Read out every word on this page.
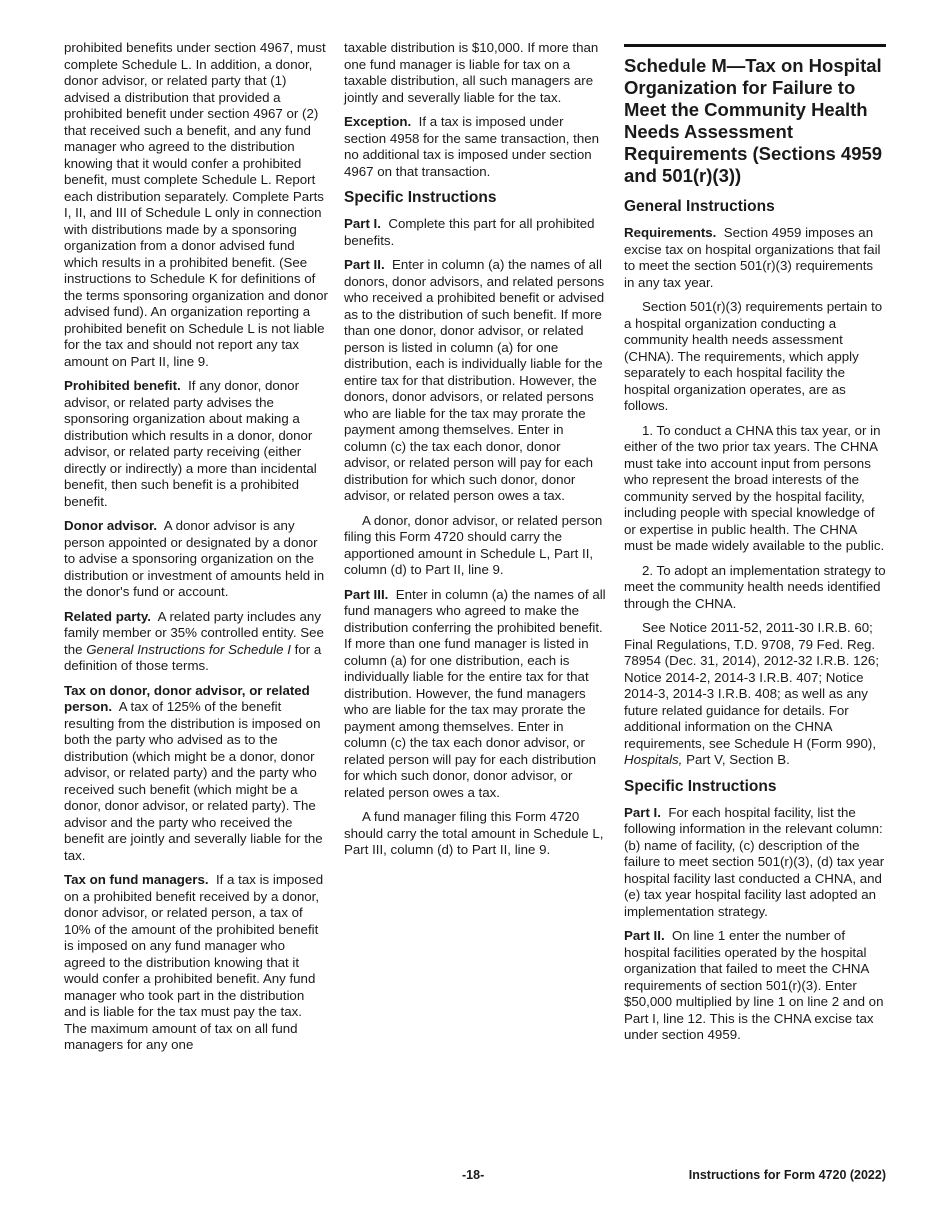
prohibited benefits under section 4967, must complete Schedule L. In addition, a donor, donor advisor, or related party that (1) advised a distribution that provided a prohibited benefit under section 4967 or (2) that received such a benefit, and any fund manager who agreed to the distribution knowing that it would confer a prohibited benefit, must complete Schedule L. Report each distribution separately. Complete Parts I, II, and III of Schedule L only in connection with distributions made by a sponsoring organization from a donor advised fund which results in a prohibited benefit. (See instructions to Schedule K for definitions of the terms sponsoring organization and donor advised fund). An organization reporting a prohibited benefit on Schedule L is not liable for the tax and should not report any tax amount on Part II, line 9.

Prohibited benefit. If any donor, donor advisor, or related party advises the sponsoring organization about making a distribution which results in a donor, donor advisor, or related party receiving (either directly or indirectly) a more than incidental benefit, then such benefit is a prohibited benefit.

Donor advisor. A donor advisor is any person appointed or designated by a donor to advise a sponsoring organization on the distribution or investment of amounts held in the donor's fund or account.

Related party. A related party includes any family member or 35% controlled entity. See the General Instructions for Schedule I for a definition of those terms.

Tax on donor, donor advisor, or related person. A tax of 125% of the benefit resulting from the distribution is imposed on both the party who advised as to the distribution (which might be a donor, donor advisor, or related party) and the party who received such benefit (which might be a donor, donor advisor, or related party). The advisor and the party who received the benefit are jointly and severally liable for the tax.

Tax on fund managers. If a tax is imposed on a prohibited benefit received by a donor, donor advisor, or related person, a tax of 10% of the amount of the prohibited benefit is imposed on any fund manager who agreed to the distribution knowing that it would confer a prohibited benefit. Any fund manager who took part in the distribution and is liable for the tax must pay the tax. The maximum amount of tax on all fund managers for any one

taxable distribution is $10,000. If more than one fund manager is liable for tax on a taxable distribution, all such managers are jointly and severally liable for the tax.

Exception. If a tax is imposed under section 4958 for the same transaction, then no additional tax is imposed under section 4967 on that transaction.

Specific Instructions

Part I. Complete this part for all prohibited benefits.

Part II. Enter in column (a) the names of all donors, donor advisors, and related persons who received a prohibited benefit or advised as to the distribution of such benefit. If more than one donor, donor advisor, or related person is listed in column (a) for one distribution, each is individually liable for the entire tax for that distribution. However, the donors, donor advisors, or related persons who are liable for the tax may prorate the payment among themselves. Enter in column (c) the tax each donor, donor advisor, or related person will pay for each distribution for which such donor, donor advisor, or related person owes a tax.

A donor, donor advisor, or related person filing this Form 4720 should carry the apportioned amount in Schedule L, Part II, column (d) to Part II, line 9.

Part III. Enter in column (a) the names of all fund managers who agreed to make the distribution conferring the prohibited benefit. If more than one fund manager is listed in column (a) for one distribution, each is individually liable for the entire tax for that distribution. However, the fund managers who are liable for the tax may prorate the payment among themselves. Enter in column (c) the tax each donor advisor, or related person will pay for each distribution for which such donor, donor advisor, or related person owes a tax.

A fund manager filing this Form 4720 should carry the total amount in Schedule L, Part III, column (d) to Part II, line 9.

Schedule M—Tax on Hospital Organization for Failure to Meet the Community Health Needs Assessment Requirements (Sections 4959 and 501(r)(3))
General Instructions

Requirements. Section 4959 imposes an excise tax on hospital organizations that fail to meet the section 501(r)(3) requirements in any tax year.

Section 501(r)(3) requirements pertain to a hospital organization conducting a community health needs assessment (CHNA). The requirements, which apply separately to each hospital facility the hospital organization operates, are as follows.

1. To conduct a CHNA this tax year, or in either of the two prior tax years. The CHNA must take into account input from persons who represent the broad interests of the community served by the hospital facility, including people with special knowledge of or expertise in public health. The CHNA must be made widely available to the public.

2. To adopt an implementation strategy to meet the community health needs identified through the CHNA.

See Notice 2011-52, 2011-30 I.R.B. 60; Final Regulations, T.D. 9708, 79 Fed. Reg. 78954 (Dec. 31, 2014), 2012-32 I.R.B. 126; Notice 2014-2, 2014-3 I.R.B. 407; Notice 2014-3, 2014-3 I.R.B. 408; as well as any future related guidance for details. For additional information on the CHNA requirements, see Schedule H (Form 990), Hospitals, Part V, Section B.

Specific Instructions

Part I. For each hospital facility, list the following information in the relevant column: (b) name of facility, (c) description of the failure to meet section 501(r)(3), (d) tax year hospital facility last conducted a CHNA, and (e) tax year hospital facility last adopted an implementation strategy.

Part II. On line 1 enter the number of hospital facilities operated by the hospital organization that failed to meet the CHNA requirements of section 501(r)(3). Enter $50,000 multiplied by line 1 on line 2 and on Part I, line 12. This is the CHNA excise tax under section 4959.

-18-	Instructions for Form 4720 (2022)
